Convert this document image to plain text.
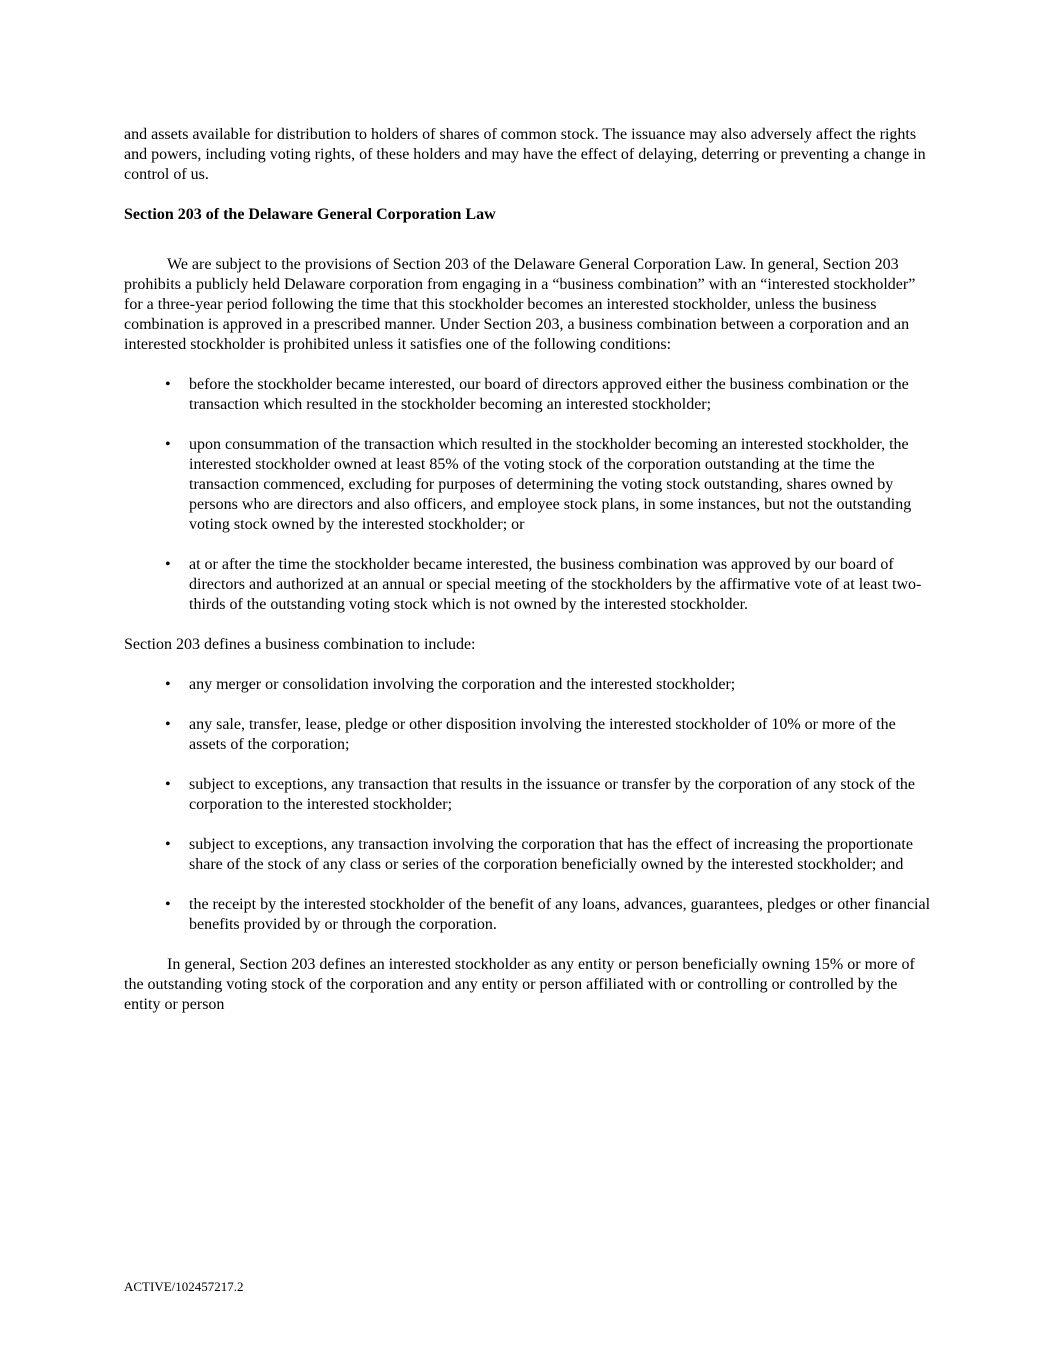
and assets available for distribution to holders of shares of common stock. The issuance may also adversely affect the rights and powers, including voting rights, of these holders and may have the effect of delaying, deterring or preventing a change in control of us.

Section 203 of the Delaware General Corporation Law

We are subject to the provisions of Section 203 of the Delaware General Corporation Law. In general, Section 203 prohibits a publicly held Delaware corporation from engaging in a “business combination” with an “interested stockholder” for a three-year period following the time that this stockholder becomes an interested stockholder, unless the business combination is approved in a prescribed manner. Under Section 203, a business combination between a corporation and an interested stockholder is prohibited unless it satisfies one of the following conditions:

• before the stockholder became interested, our board of directors approved either the business combination or the transaction which resulted in the stockholder becoming an interested stockholder;
• upon consummation of the transaction which resulted in the stockholder becoming an interested stockholder, the interested stockholder owned at least 85% of the voting stock of the corporation outstanding at the time the transaction commenced, excluding for purposes of determining the voting stock outstanding, shares owned by persons who are directors and also officers, and employee stock plans, in some instances, but not the outstanding voting stock owned by the interested stockholder; or
• at or after the time the stockholder became interested, the business combination was approved by our board of directors and authorized at an annual or special meeting of the stockholders by the affirmative vote of at least two-thirds of the outstanding voting stock which is not owned by the interested stockholder.

Section 203 defines a business combination to include:

• any merger or consolidation involving the corporation and the interested stockholder;
• any sale, transfer, lease, pledge or other disposition involving the interested stockholder of 10% or more of the assets of the corporation;
• subject to exceptions, any transaction that results in the issuance or transfer by the corporation of any stock of the corporation to the interested stockholder;
• subject to exceptions, any transaction involving the corporation that has the effect of increasing the proportionate share of the stock of any class or series of the corporation beneficially owned by the interested stockholder; and
• the receipt by the interested stockholder of the benefit of any loans, advances, guarantees, pledges or other financial benefits provided by or through the corporation.

In general, Section 203 defines an interested stockholder as any entity or person beneficially owning 15% or more of the outstanding voting stock of the corporation and any entity or person affiliated with or controlling or controlled by the entity or person

ACTIVE/102457217.2
